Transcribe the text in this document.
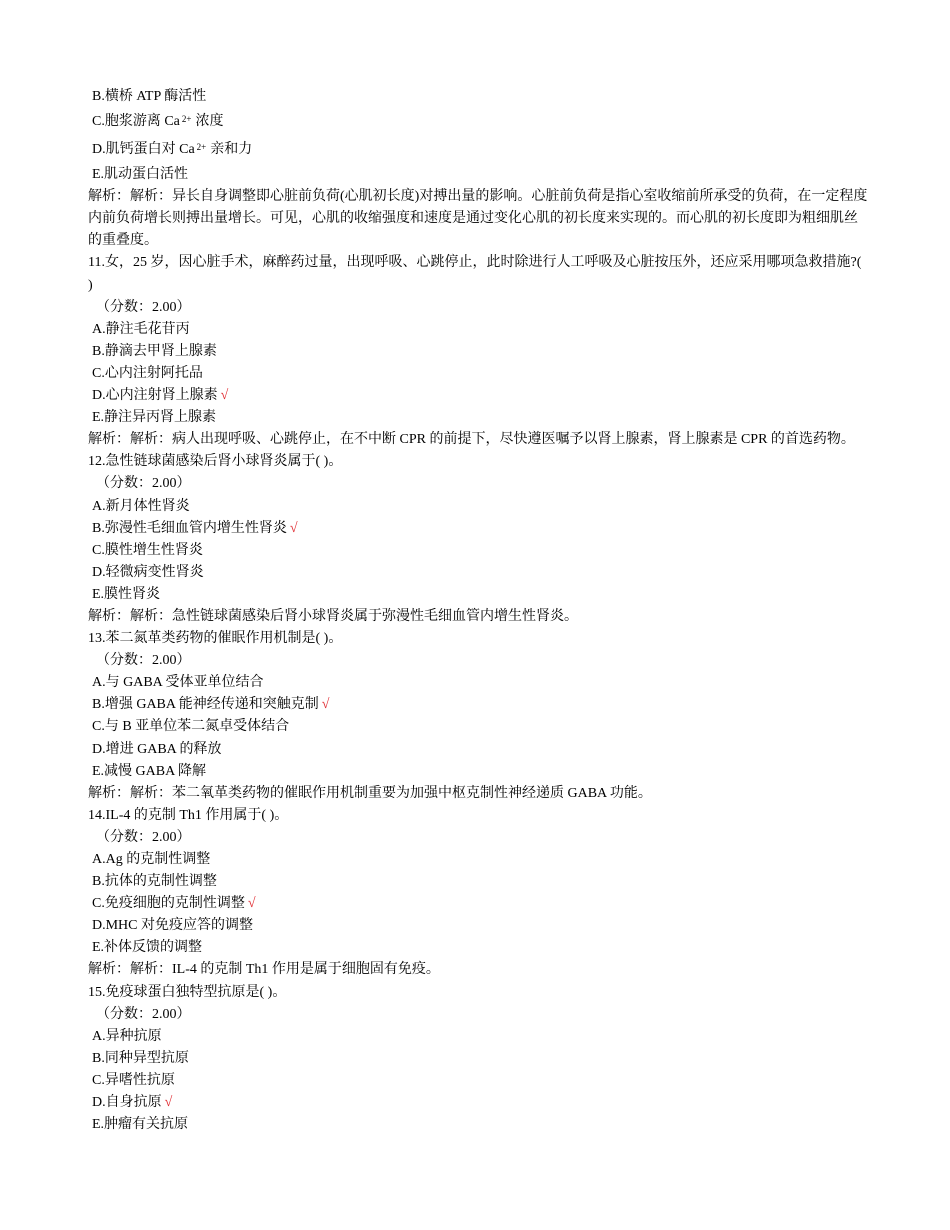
B.横桥 ATP 酶活性
C.胞浆游离 Ca $^{2+}$ 浓度
D.肌钙蛋白对 Ca $^{2+}$ 亲和力
E.肌动蛋白活性
解析：解析：异长自身调整即心脏前负荷(心肌初长度)对搏出量的影响。心脏前负荷是指心室收缩前所承受的负荷，在一定程度内前负荷增长则搏出量增长。可见，心肌的收缩强度和速度是通过变化心肌的初长度来实现的。而心肌的初长度即为粗细肌丝的重叠度。
11.女，25 岁，因心脏手术，麻醉药过量，出现呼吸、心跳停止，此时除进行人工呼吸及心脏按压外，还应采用哪项急救措施?( )
（分数：2.00）
A.静注毛花苷丙
B.静滴去甲肾上腺素
C.心内注射阿托品
D.心内注射肾上腺素 √
E.静注异丙肾上腺素
解析：解析：病人出现呼吸、心跳停止，在不中断 CPR 的前提下，尽快遵医嘱予以肾上腺素，肾上腺素是 CPR 的首选药物。
12.急性链球菌感染后肾小球肾炎属于( )。
（分数：2.00）
A.新月体性肾炎
B.弥漫性毛细血管内增生性肾炎 √
C.膜性增生性肾炎
D.轻微病变性肾炎
E.膜性肾炎
解析：解析：急性链球菌感染后肾小球肾炎属于弥漫性毛细血管内增生性肾炎。
13.苯二氮革类药物的催眠作用机制是( )。
（分数：2.00）
A.与 GABA 受体亚单位结合
B.增强 GABA 能神经传递和突触克制 √
C.与 B 亚单位苯二氮卓受体结合
D.增进 GABA 的释放
E.减慢 GABA 降解
解析：解析：苯二氧革类药物的催眠作用机制重要为加强中枢克制性神经递质 GABA 功能。
14.IL-4 的克制 Th1 作用属于( )。
（分数：2.00）
A.Ag 的克制性调整
B.抗体的克制性调整
C.免疫细胞的克制性调整 √
D.MHC 对免疫应答的调整
E.补体反馈的调整
解析：解析：IL-4 的克制 Th1 作用是属于细胞固有免疫。
15.免疫球蛋白独特型抗原是( )。
（分数：2.00）
A.异种抗原
B.同种异型抗原
C.异嗜性抗原
D.自身抗原 √
E.肿瘤有关抗原
